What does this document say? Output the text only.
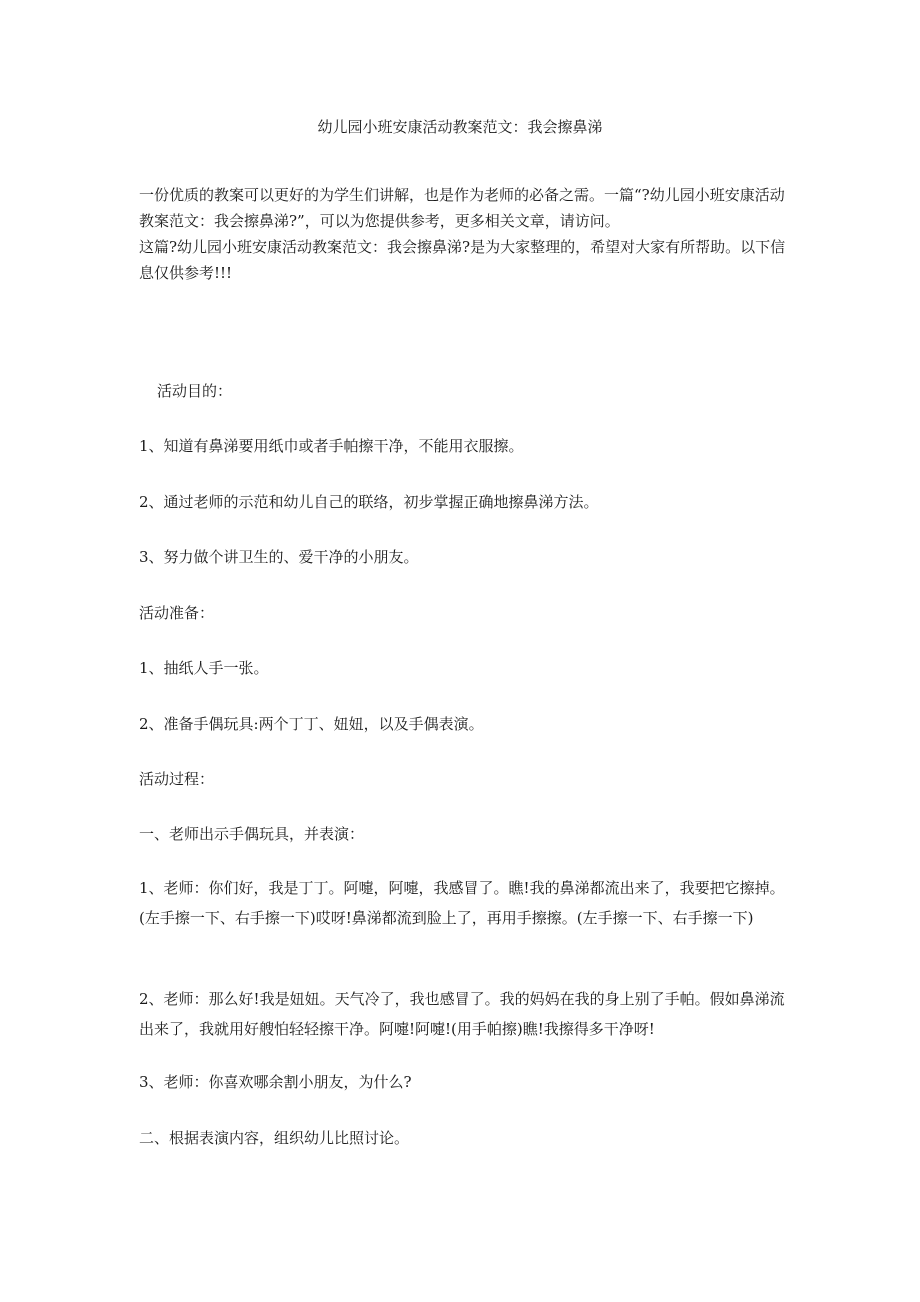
幼儿园小班安康活动教案范文：我会擦鼻涕

一份优质的教案可以更好的为学生们讲解，也是作为老师的必备之需。一篇“?幼儿园小班安康活动教案范文：我会擦鼻涕?”，可以为您提供参考，更多相关文章，请访问。

这篇?幼儿园小班安康活动教案范文：我会擦鼻涕?是为大家整理的，希望对大家有所帮助。以下信息仅供参考!!!

活动目的：
1、知道有鼻涕要用纸巾或者手帕擦干净，不能用衣服擦。
2、通过老师的示范和幼儿自己的联络，初步掌握正确地擦鼻涕方法。
3、努力做个讲卫生的、爱干净的小朋友。
活动准备：
1、抽纸人手一张。
2、准备手偶玩具:两个丁丁、妞妞，以及手偶表演。
活动过程：
一、老师出示手偶玩具，并表演：
1、老师：你们好，我是丁丁。阿嚏，阿嚏，我感冒了。瞧!我的鼻涕都流出来了，我要把它擦掉。(左手擦一下、右手擦一下)哎呀!鼻涕都流到脸上了，再用手擦擦。(左手擦一下、右手擦一下)
2、老师：那么好!我是妞妞。天气冷了，我也感冒了。我的妈妈在我的身上别了手帕。假如鼻涕流出来了，我就用好艘怕轻轻擦干净。阿嚏!阿嚏!(用手帕擦)瞧!我擦得多干净呀!
3、老师：你喜欢哪余割小朋友，为什么?
二、根据表演内容，组织幼儿比照讨论。
